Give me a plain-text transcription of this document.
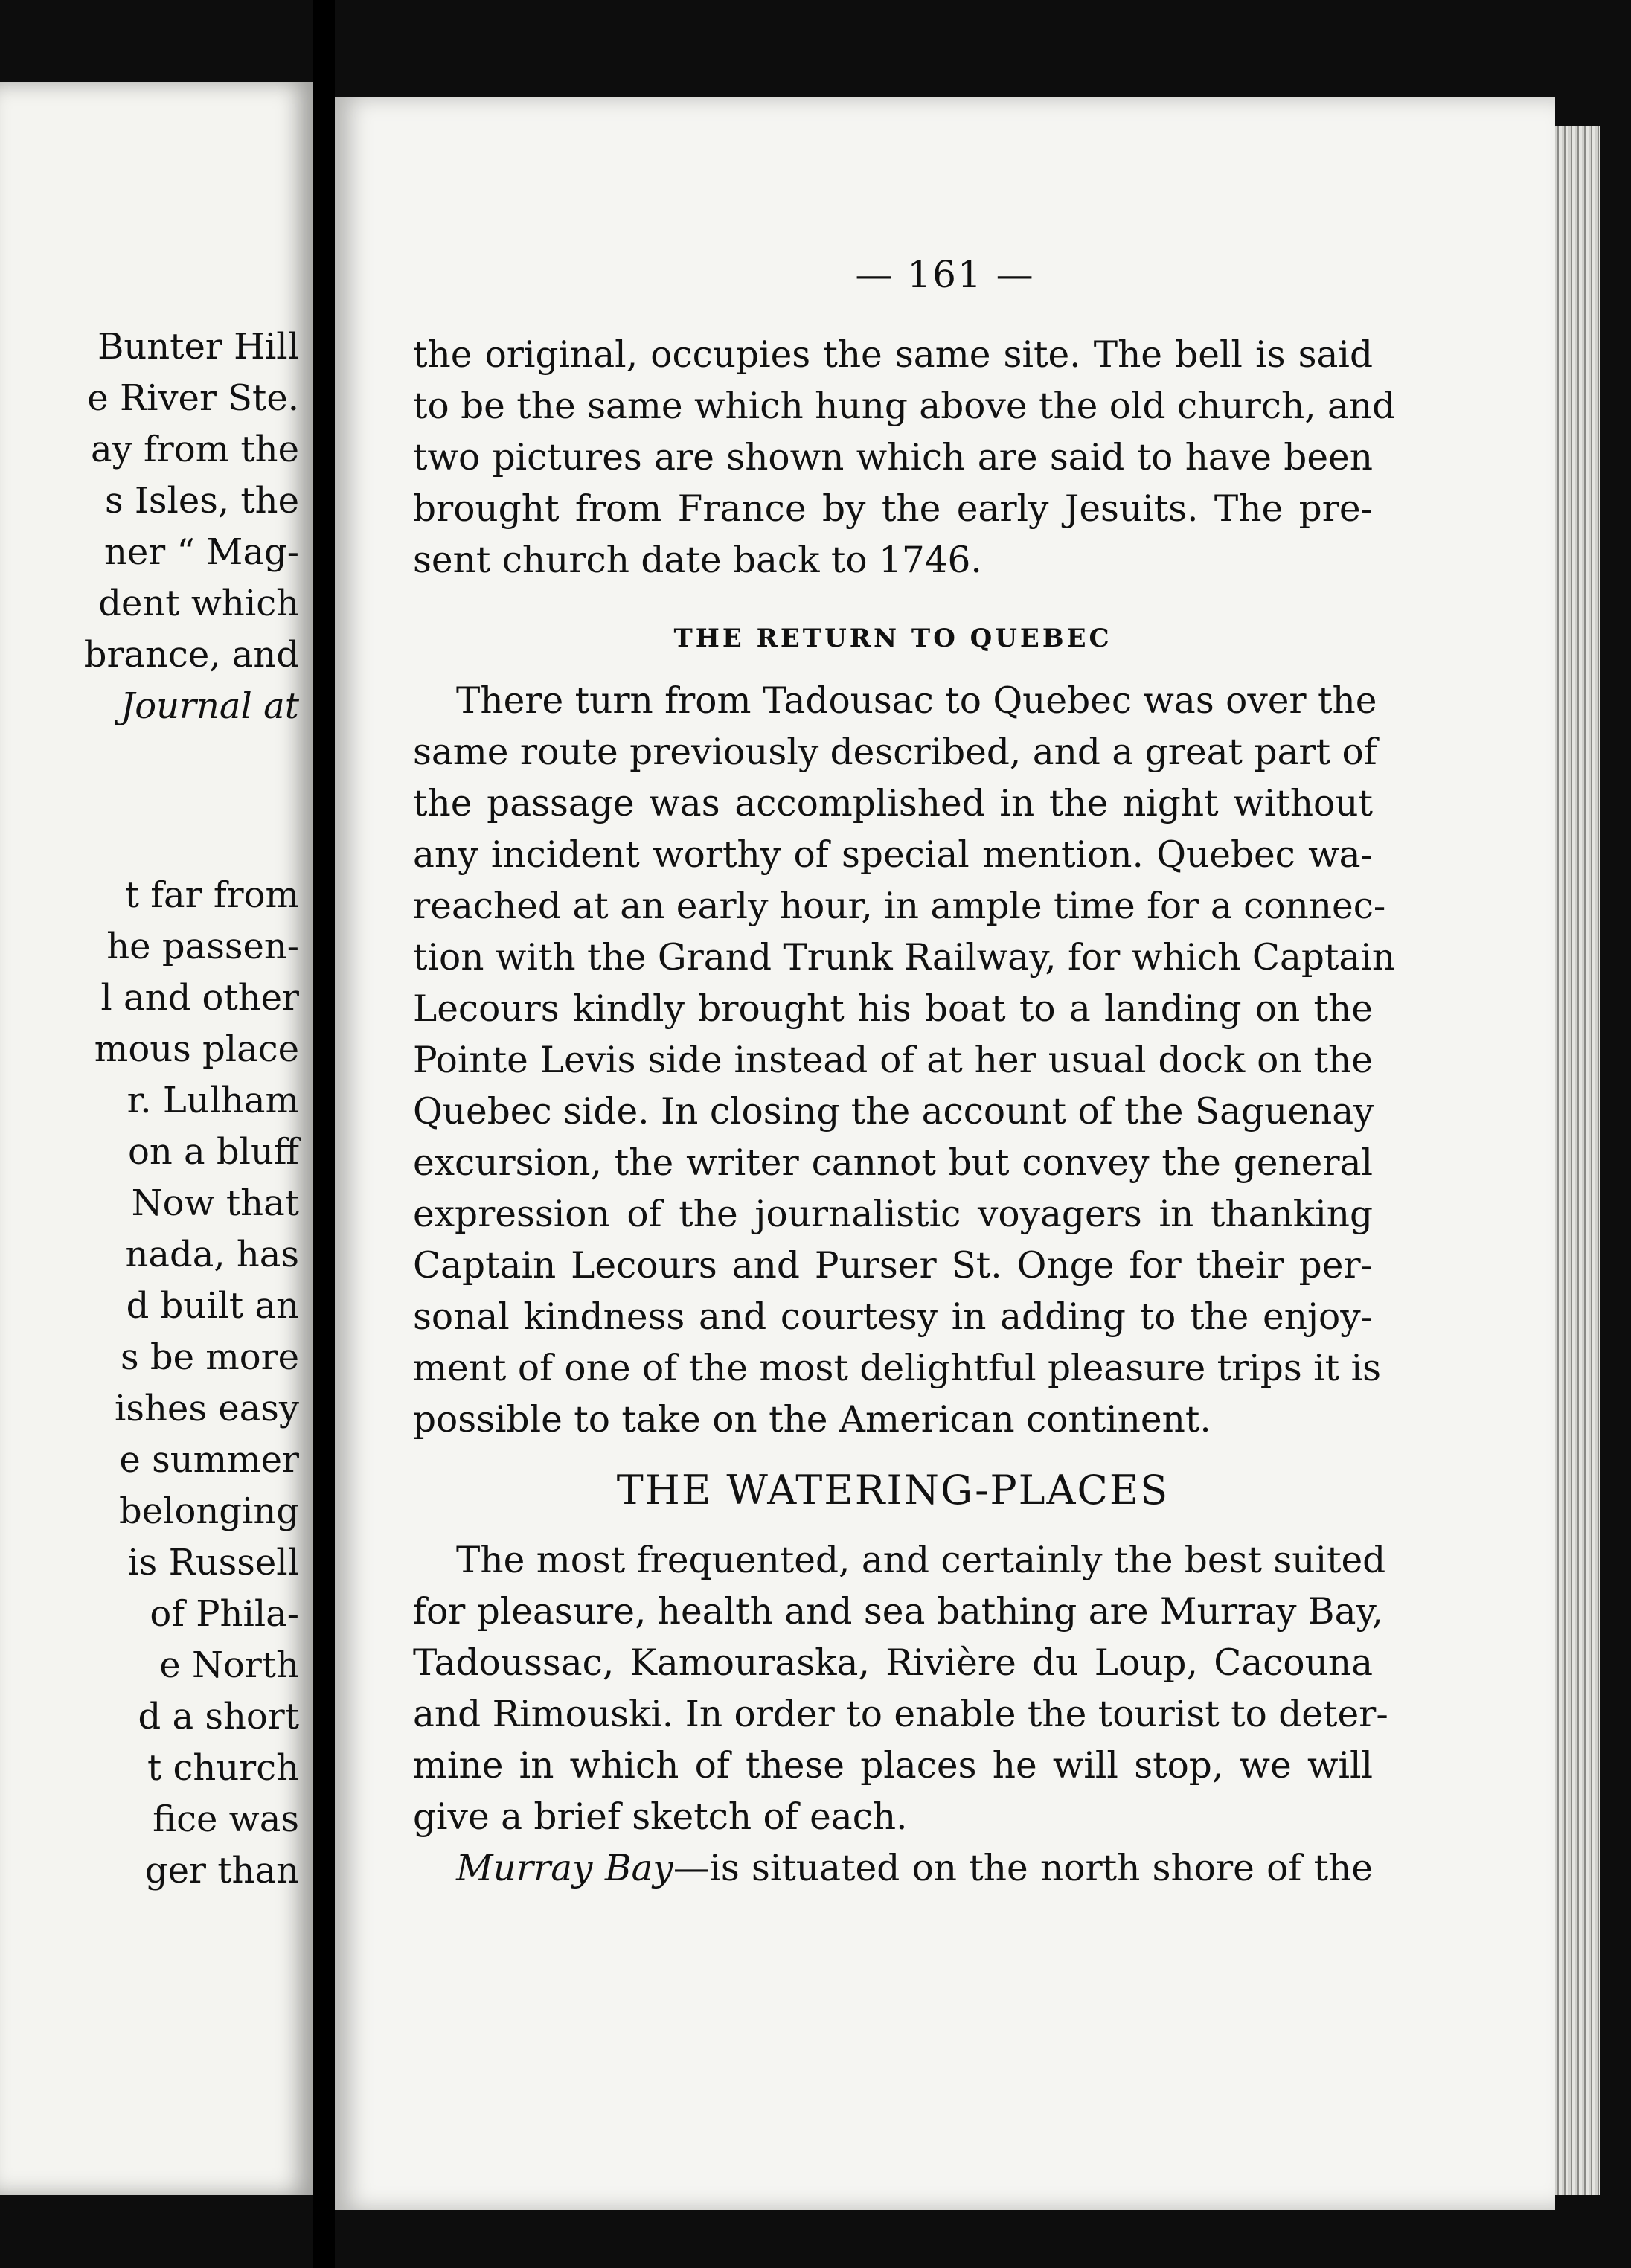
Bunter Hill
e River Ste.
ay from the
s Isles, the
ner “ Mag-
dent which
brance, and
Journal at
t far from
he passen-
l and other
mous place
r. Lulham
on a bluff
Now that
nada, has
d built an
s be more
ishes easy
e summer
belonging
is Russell
of Phila-
e North
d a short
t church
fice was
ger than
— 161 —
the original, occupies the same site. The bell is said
to be the same which hung above the old church, and
two pictures are shown which are said to have been
brought from France by the early Jesuits. The pre-
sent church date back to 1746.
THE RETURN TO QUEBEC
There turn from Tadousac to Quebec was over the
same route previously described, and a great part of
the passage was accomplished in the night without
any incident worthy of special mention. Quebec wa-
reached at an early hour, in ample time for a connec-
tion with the Grand Trunk Railway, for which Captain
Lecours kindly brought his boat to a landing on the
Pointe Levis side instead of at her usual dock on the
Quebec side. In closing the account of the Saguenay
excursion, the writer cannot but convey the general
expression of the journalistic voyagers in thanking
Captain Lecours and Purser St. Onge for their per-
sonal kindness and courtesy in adding to the enjoy-
ment of one of the most delightful pleasure trips it is
possible to take on the American continent.
THE WATERING-PLACES
The most frequented, and certainly the best suited
for pleasure, health and sea bathing are Murray Bay,
Tadoussac, Kamouraska, Rivière du Loup, Cacouna
and Rimouski. In order to enable the tourist to deter-
mine in which of these places he will stop, we will
give a brief sketch of each.
Murray Bay—is situated on the north shore of the
